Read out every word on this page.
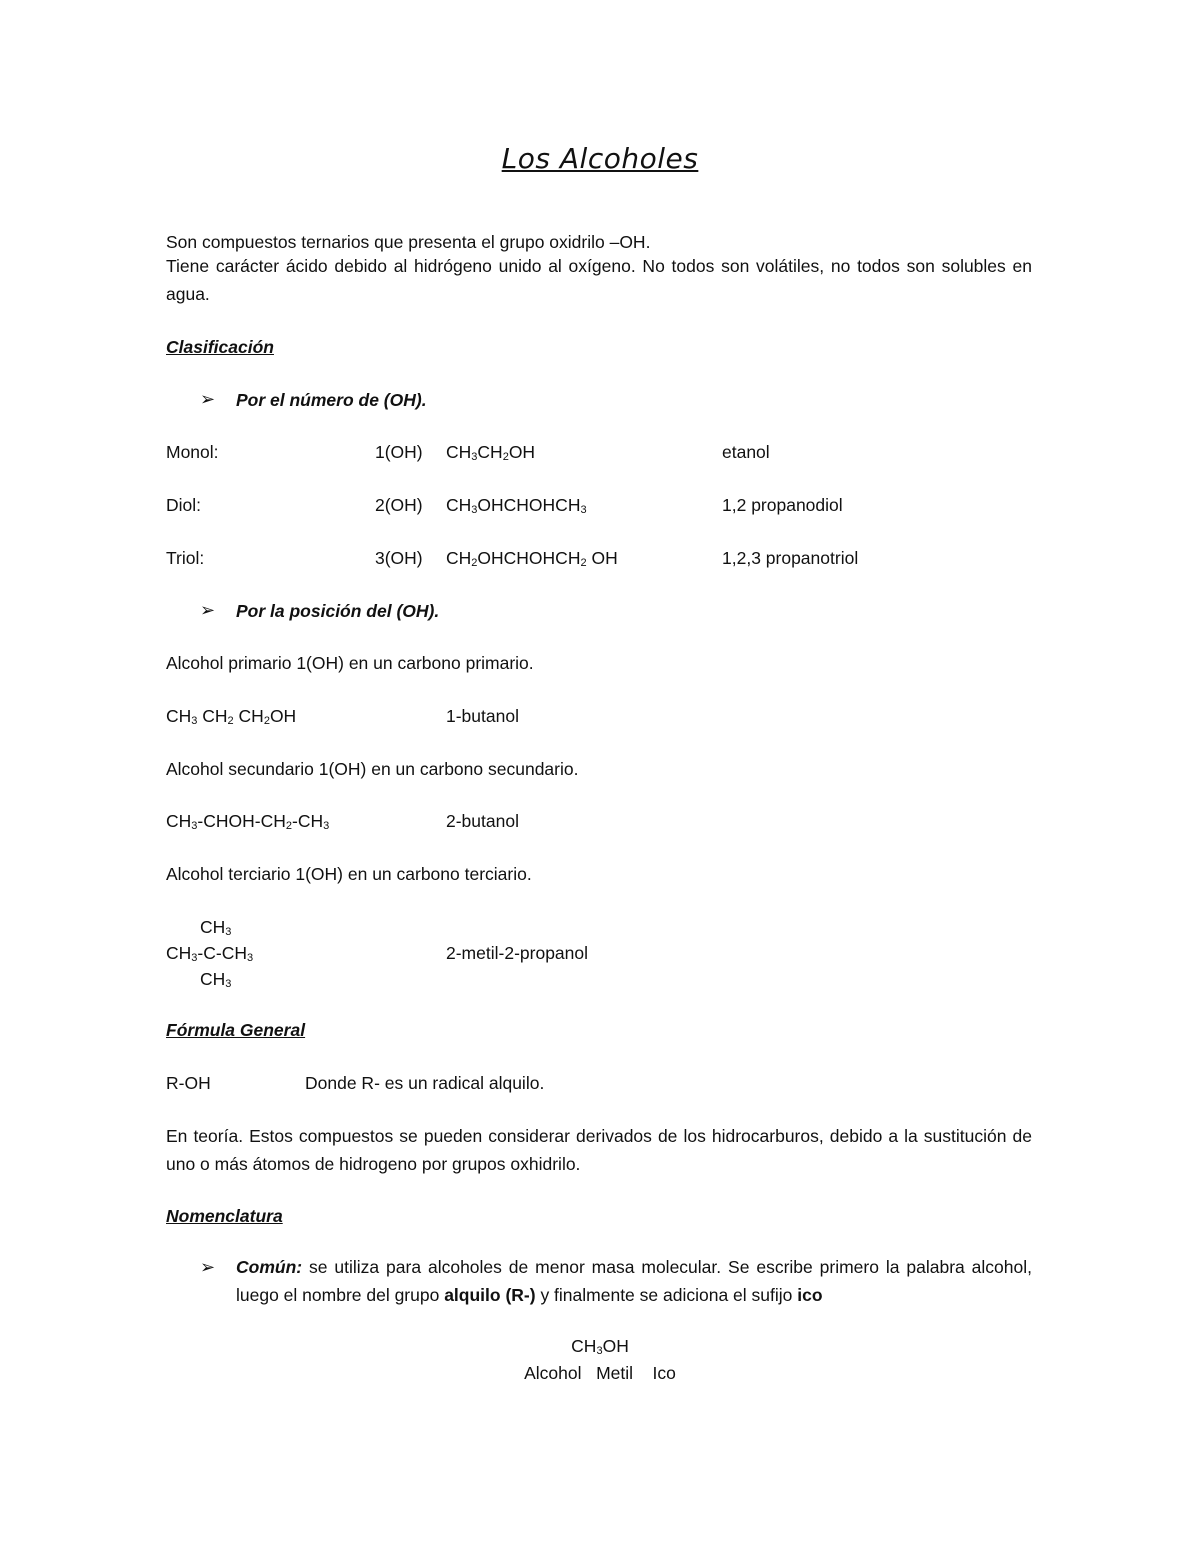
Los Alcoholes
Son compuestos ternarios que presenta el grupo oxidrilo –OH.
Tiene carácter ácido debido al hidrógeno unido al oxígeno. No todos son volátiles, no todos son solubles en agua.
Clasificación
➢ Por el número de (OH).
Monol:	1(OH) $CH_3CH_2OH$	etanol
Diol:	2(OH) $CH_3OHCHOHCH_3$	1,2 propanodiol
Triol:	3(OH) $CH_2OHCHOHCH_2$ OH	1,2,3 propanotriol
➢ Por la posición del (OH).
Alcohol primario 1(OH) en un carbono primario.
$CH_3$ $CH_2$ $CH_2OH$	1-butanol
Alcohol secundario 1(OH) en un carbono secundario.
$CH_3-CHOH-CH_2-CH_3$	2-butanol
Alcohol terciario 1(OH) en un carbono terciario.
$CH_3$
$CH_3-C-CH_3$	2-metil-2-propanol
$CH_3$
Fórmula General
R-OH	Donde R- es un radical alquilo.
En teoría. Estos compuestos se pueden considerar derivados de los hidrocarburos, debido a la sustitución de uno o más átomos de hidrogeno por grupos oxhidrilo.
Nomenclatura
➢ Común: se utiliza para alcoholes de menor masa molecular. Se escribe primero la palabra alcohol, luego el nombre del grupo alquilo (R-) y finalmente se adiciona el sufijo ico
$CH_3OH$
Alcohol Metil Ico
